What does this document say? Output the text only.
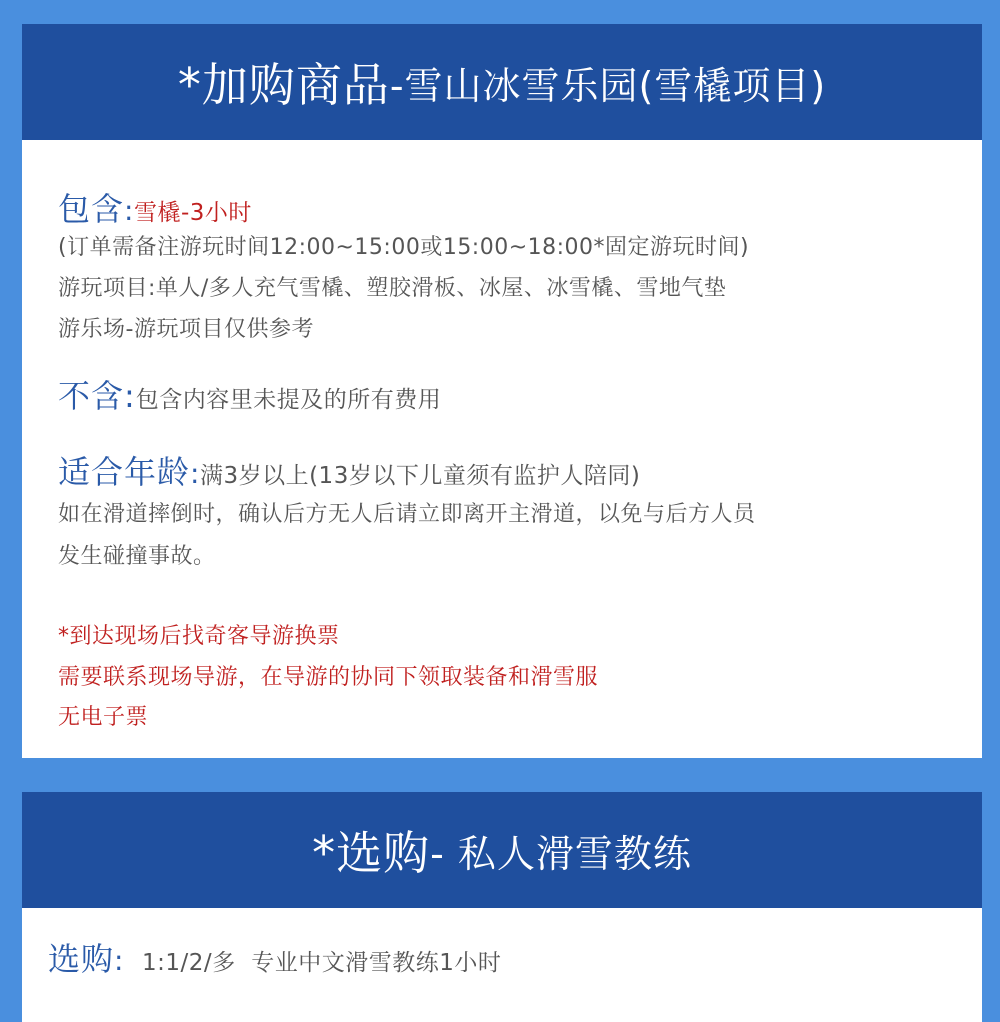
*加购商品 -雪山冰雪乐园(雪橇项目)
包含:雪橇-3小时
(订单需备注游玩时间12:00~15:00或15:00~18:00*固定游玩时间)
游玩项目:单人/多人充气雪橇、塑胶滑板、冰屋、冰雪橇、雪地气垫
游乐场-游玩项目仅供参考
不含:包含内容里未提及的所有费用
适合年龄:满3岁以上(13岁以下儿童须有监护人陪同)
如在滑道摔倒时，确认后方无人后请立即离开主滑道，以免与后方人员
发生碰撞事故。
*到达现场后找奇客导游换票
需要联系现场导游，在导游的协同下领取装备和滑雪服
无电子票
*选购 - 私人滑雪教练
选购: 1:1/2/多  专业中文滑雪教练1小时
